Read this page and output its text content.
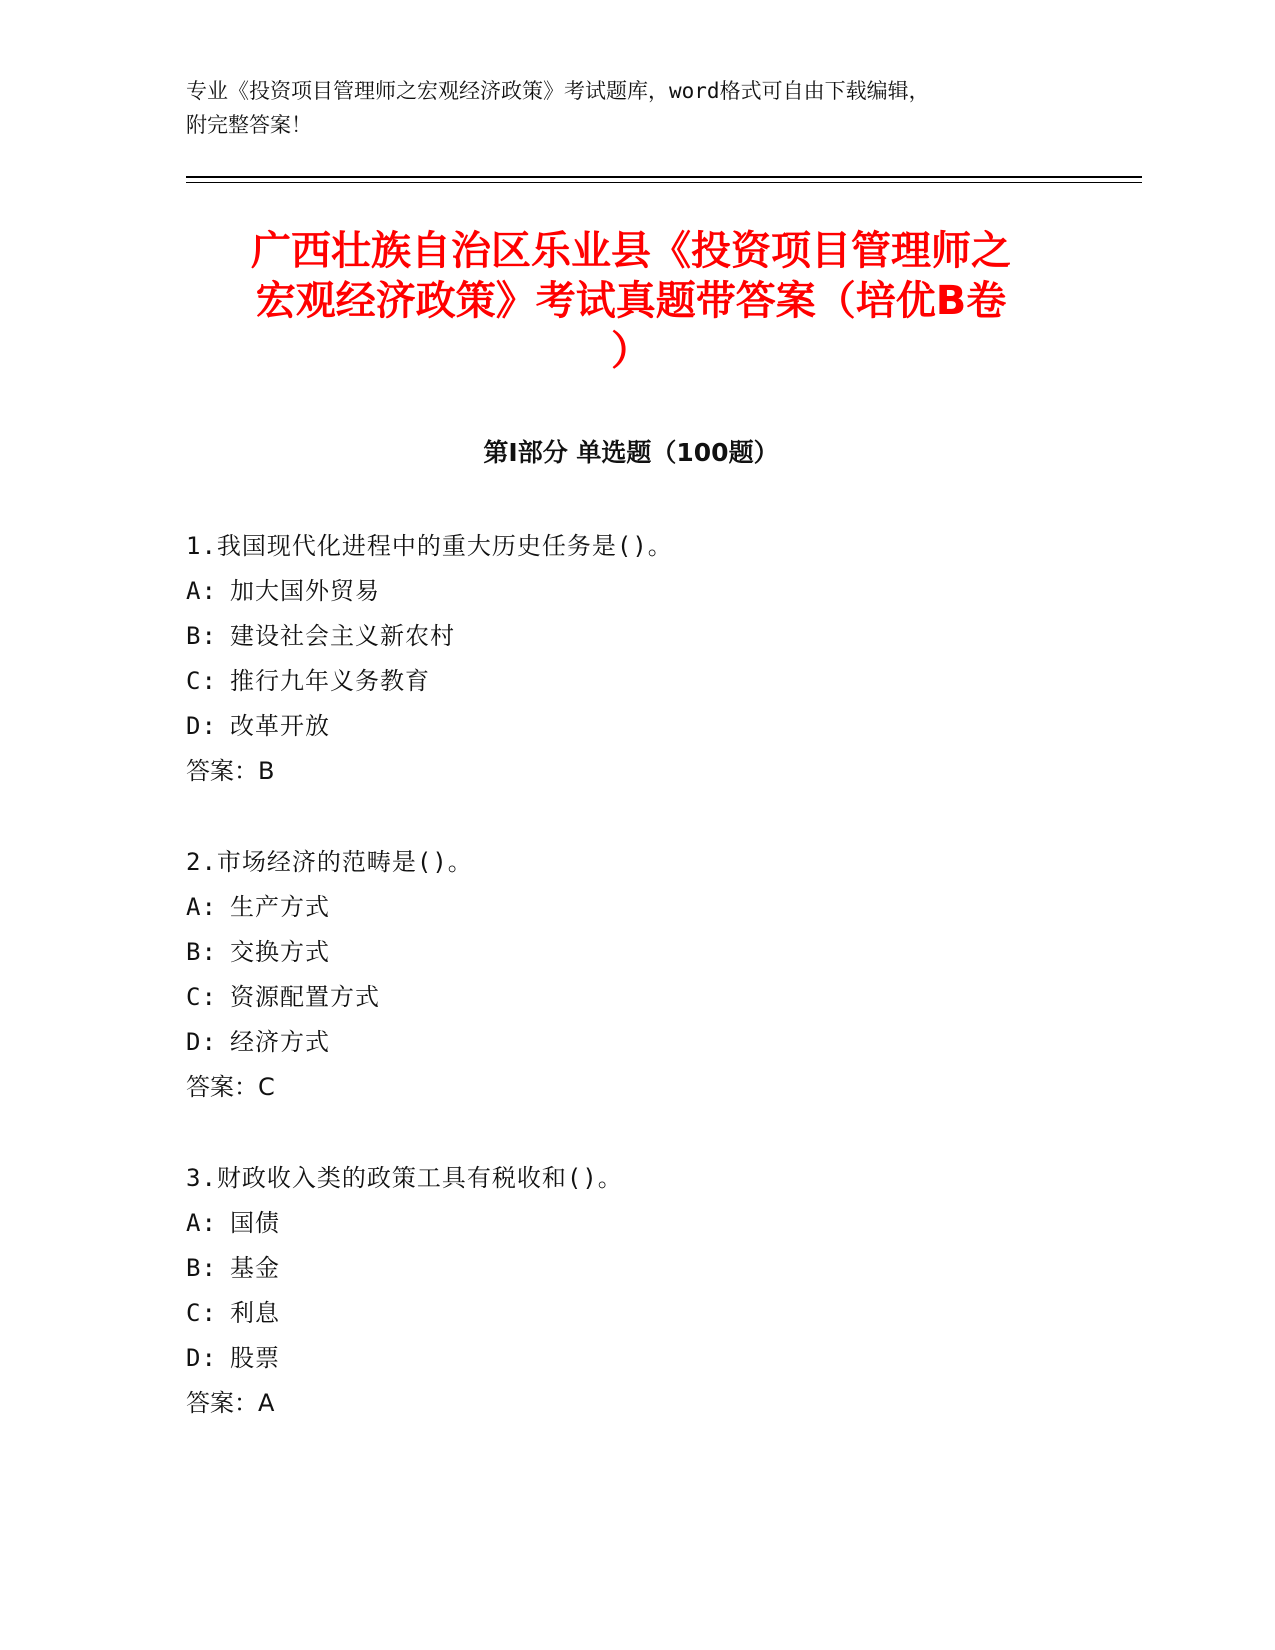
专业《投资项目管理师之宏观经济政策》考试题库，word格式可自由下载编辑，
附完整答案！
广西壮族自治区乐业县《投资项目管理师之
宏观经济政策》考试真题带答案（培优B卷
）
第Ⅰ部分 单选题（100题）
1.我国现代化进程中的重大历史任务是()。
A: 加大国外贸易
B: 建设社会主义新农村
C: 推行九年义务教育
D: 改革开放
答案：B
2.市场经济的范畴是()。
A: 生产方式
B: 交换方式
C: 资源配置方式
D: 经济方式
答案：C
3.财政收入类的政策工具有税收和()。
A: 国债
B: 基金
C: 利息
D: 股票
答案：A
